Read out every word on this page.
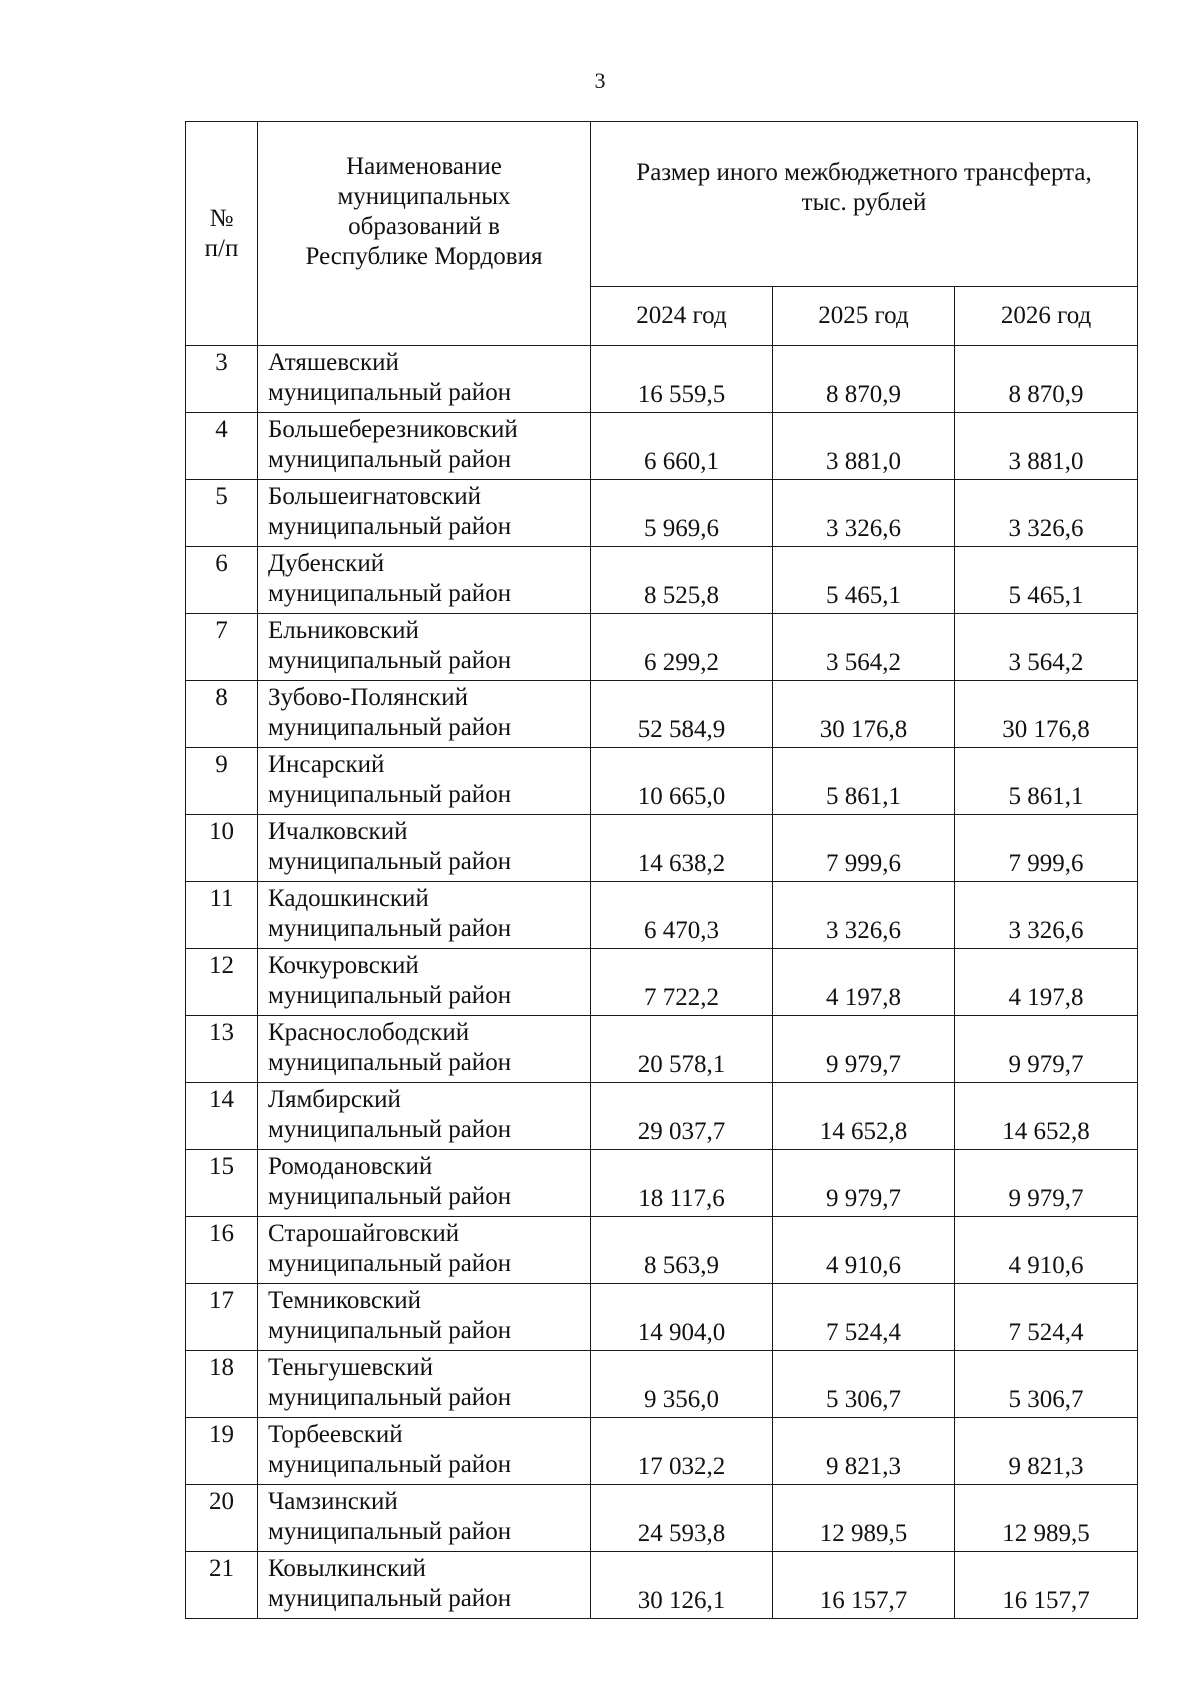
3
№
п/п	Наименование
муниципальных
образований в
Республике Мордовия	Размер иного межбюджетного трансферта,
тыс. рублей		
		2024 год	2025 год	2026 год
3	Атяшевский
муниципальный район	16 559,5	8 870,9	8 870,9
4	Большеберезниковский
муниципальный район	6 660,1	3 881,0	3 881,0
5	Большеигнатовский
муниципальный район	5 969,6	3 326,6	3 326,6
6	Дубенский
муниципальный район	8 525,8	5 465,1	5 465,1
7	Ельниковский
муниципальный район	6 299,2	3 564,2	3 564,2
8	Зубово-Полянский
муниципальный район	52 584,9	30 176,8	30 176,8
9	Инсарский
муниципальный район	10 665,0	5 861,1	5 861,1
10	Ичалковский
муниципальный район	14 638,2	7 999,6	7 999,6
11	Кадошкинский
муниципальный район	6 470,3	3 326,6	3 326,6
12	Кочкуровский
муниципальный район	7 722,2	4 197,8	4 197,8
13	Краснослободский
муниципальный район	20 578,1	9 979,7	9 979,7
14	Лямбирский
муниципальный район	29 037,7	14 652,8	14 652,8
15	Ромодановский
муниципальный район	18 117,6	9 979,7	9 979,7
16	Старошайговский
муниципальный район	8 563,9	4 910,6	4 910,6
17	Темниковский
муниципальный район	14 904,0	7 524,4	7 524,4
18	Теньгушевский
муниципальный район	9 356,0	5 306,7	5 306,7
19	Торбеевский
муниципальный район	17 032,2	9 821,3	9 821,3
20	Чамзинский
муниципальный район	24 593,8	12 989,5	12 989,5
21	Ковылкинский
муниципальный район	30 126,1	16 157,7	16 157,7
